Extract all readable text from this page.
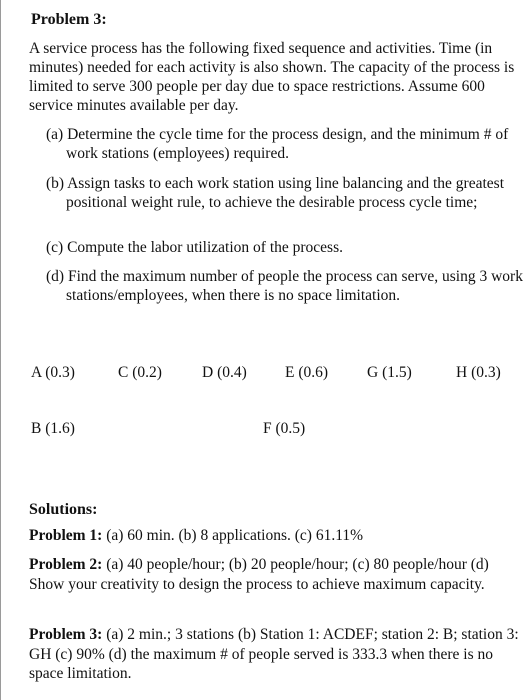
Problem 3:
A service process has the following fixed sequence and activities. Time (in minutes) needed for each activity is also shown. The capacity of the process is limited to serve 300 people per day due to space restrictions. Assume 600 service minutes available per day.
(a) Determine the cycle time for the process design, and the minimum # of work stations (employees) required.
(b) Assign tasks to each work station using line balancing and the greatest positional weight rule, to achieve the desirable process cycle time;
(c) Compute the labor utilization of the process.
(d) Find the maximum number of people the process can serve, using 3 work stations/employees, when there is no space limitation.
A (0.3)	C (0.2)	D (0.4) E (0.6)	G (1.5)	H (0.3)
B (1.6)	F (0.5)
Solutions:
Problem 1: (a) 60 min. (b) 8 applications. (c) 61.11%
Problem 2: (a) 40 people/hour; (b) 20 people/hour; (c) 80 people/hour (d) Show your creativity to design the process to achieve maximum capacity.
Problem 3: (a) 2 min.; 3 stations (b) Station 1: ACDEF; station 2: B; station 3: GH (c) 90% (d) the maximum # of people served is 333.3 when there is no space limitation.
